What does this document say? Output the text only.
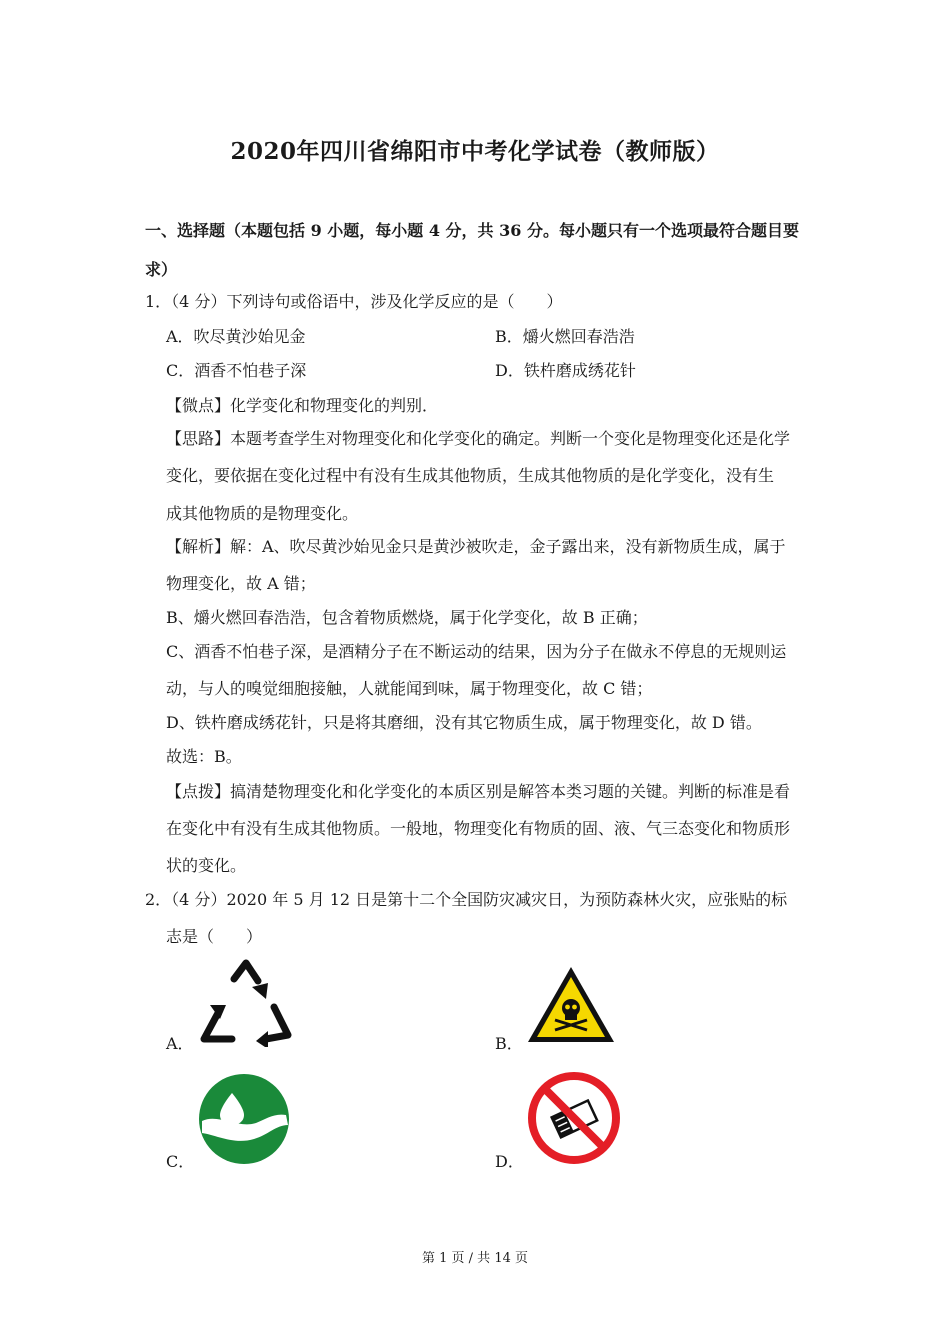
2020年四川省绵阳市中考化学试卷（教师版）
一、选择题（本题包括 9 小题，每小题 4 分，共 36 分。每小题只有一个选项最符合题目要
求）
1．（4 分）下列诗句或俗语中，涉及化学反应的是（　　）
A．吹尽黄沙始见金	B．爝火燃回春浩浩
C．酒香不怕巷子深	D．铁杵磨成绣花针
【微点】化学变化和物理变化的判别．
【思路】本题考查学生对物理变化和化学变化的确定。判断一个变化是物理变化还是化学
变化，要依据在变化过程中有没有生成其他物质，生成其他物质的是化学变化，没有生
成其他物质的是物理变化。
【解析】解：A、吹尽黄沙始见金只是黄沙被吹走，金子露出来，没有新物质生成，属于
物理变化，故 A 错；
B、爝火燃回春浩浩，包含着物质燃烧，属于化学变化，故 B 正确；
C、酒香不怕巷子深，是酒精分子在不断运动的结果，因为分子在做永不停息的无规则运
动，与人的嗅觉细胞接触，人就能闻到味，属于物理变化，故 C 错；
D、铁杵磨成绣花针，只是将其磨细，没有其它物质生成，属于物理变化，故 D 错。
故选：B。
【点拨】搞清楚物理变化和化学变化的本质区别是解答本类习题的关键。判断的标准是看
在变化中有没有生成其他物质。一般地，物理变化有物质的固、液、气三态变化和物质形
状的变化。
2．（4 分）2020 年 5 月 12 日是第十二个全国防灾减灾日，为预防森林火灾，应张贴的标
志是（　　）
A．	B．
C．	D．
第 1 页 / 共 14 页
